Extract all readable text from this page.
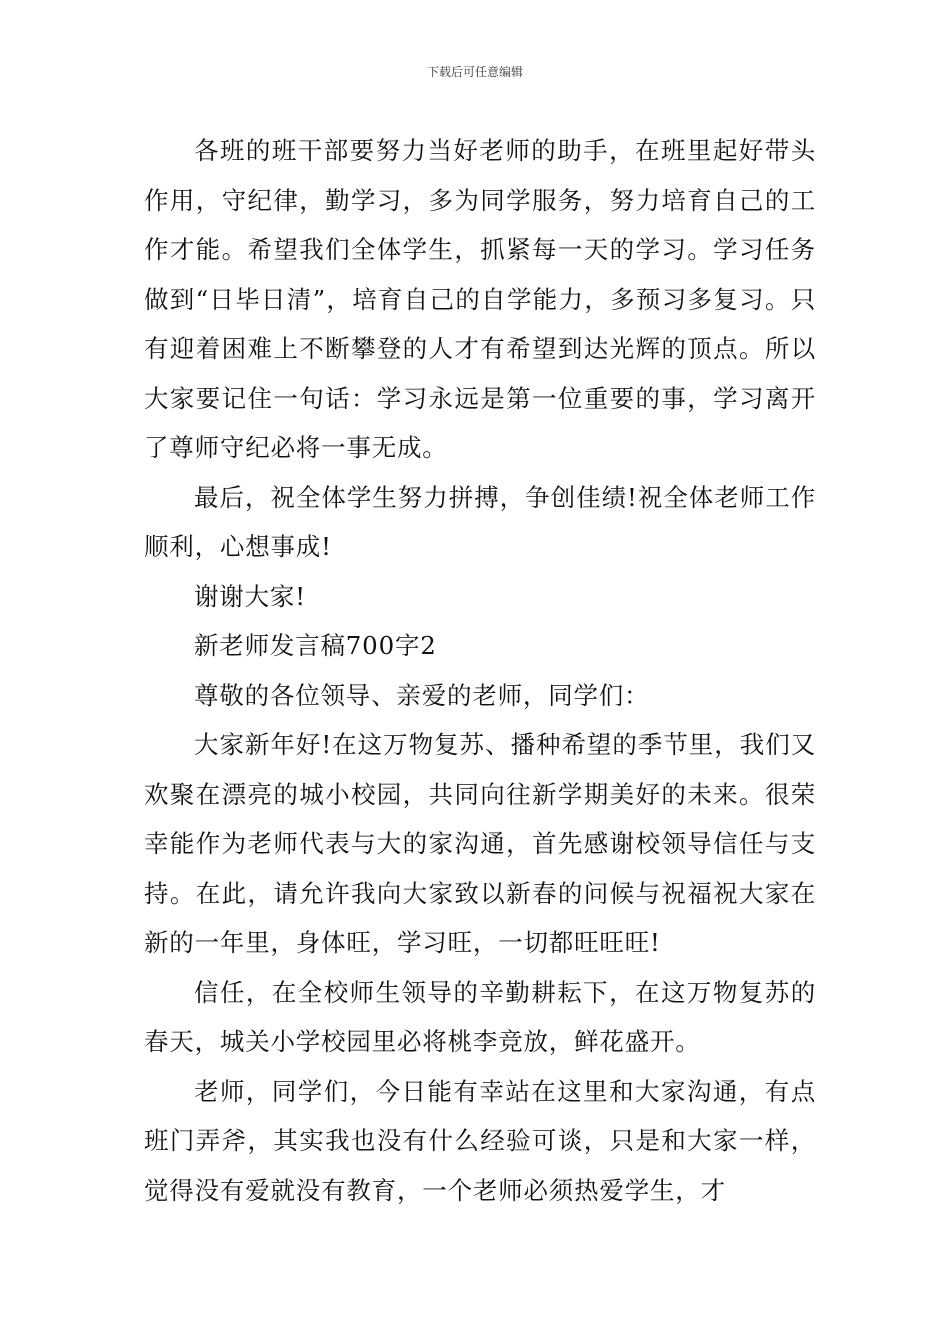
下载后可任意编辑

各班的班干部要努力当好老师的助手，在班里起好带头作用，守纪律，勤学习，多为同学服务，努力培育自己的工作才能。希望我们全体学生，抓紧每一天的学习。学习任务做到“日毕日清”，培育自己的自学能力，多预习多复习。只有迎着困难上不断攀登的人才有希望到达光辉的顶点。所以大家要记住一句话：学习永远是第一位重要的事，学习离开了尊师守纪必将一事无成。

最后，祝全体学生努力拼搏，争创佳绩!祝全体老师工作顺利，心想事成!

谢谢大家!

新老师发言稿700字2

尊敬的各位领导、亲爱的老师，同学们：

大家新年好!在这万物复苏、播种希望的季节里，我们又欢聚在漂亮的城小校园，共同向往新学期美好的未来。很荣幸能作为老师代表与大的家沟通，首先感谢校领导信任与支持。在此，请允许我向大家致以新春的问候与祝福祝大家在新的一年里，身体旺，学习旺，一切都旺旺旺!

信任，在全校师生领导的辛勤耕耘下，在这万物复苏的春天，城关小学校园里必将桃李竞放，鲜花盛开。

老师，同学们，今日能有幸站在这里和大家沟通，有点班门弄斧，其实我也没有什么经验可谈，只是和大家一样，觉得没有爱就没有教育，一个老师必须热爱学生，才
